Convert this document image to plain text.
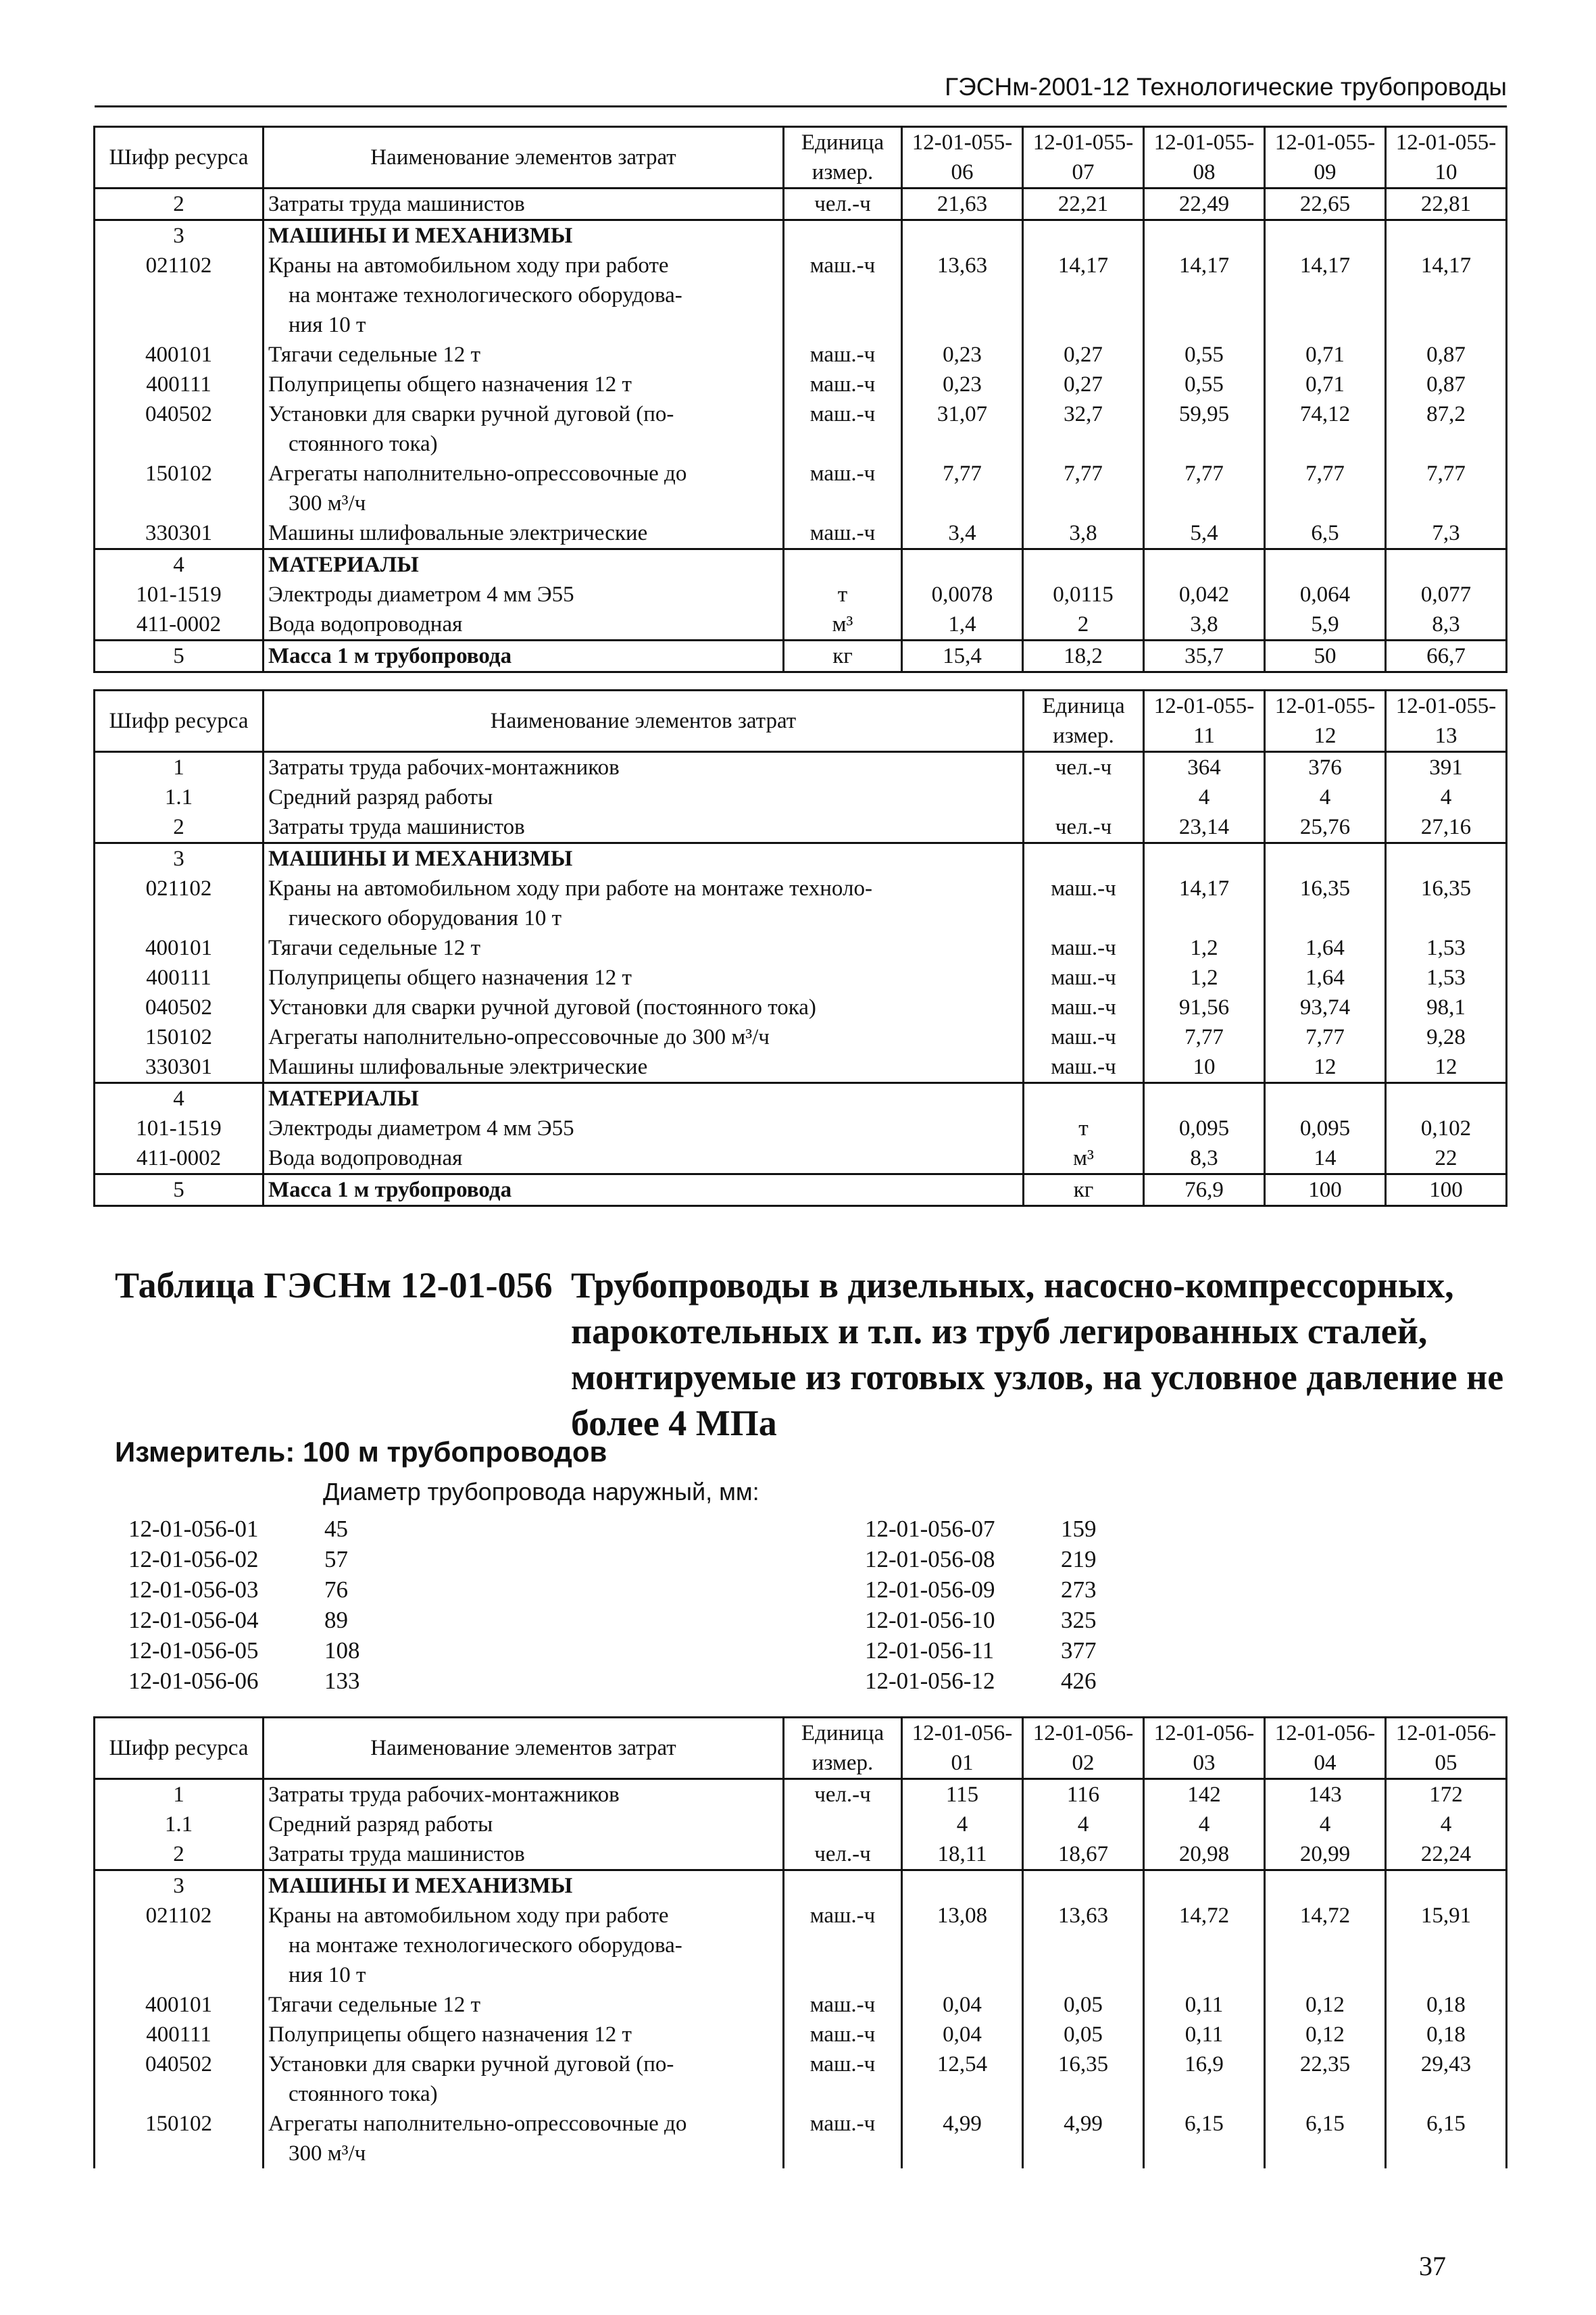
ГЭСНм-2001-12 Технологические трубопроводы
Шифр ресурса	Наименование элементов затрат	Единица измер.	12-01-055-06	12-01-055-07	12-01-055-08	12-01-055-09	12-01-055-10
2	Затраты труда машинистов	чел.-ч	21,63	22,21	22,49	22,65	22,81
3	МАШИНЫ И МЕХАНИЗМЫ						
021102	Краны на автомобильном ходу при работе	маш.-ч	13,63	14,17	14,17	14,17	14,17
	на монтаже технологического оборудова-						
	ния 10 т						
400101	Тягачи седельные 12 т	маш.-ч	0,23	0,27	0,55	0,71	0,87
400111	Полуприцепы общего назначения 12 т	маш.-ч	0,23	0,27	0,55	0,71	0,87
040502	Установки для сварки ручной дуговой (по-	маш.-ч	31,07	32,7	59,95	74,12	87,2
	стоянного тока)						
150102	Агрегаты наполнительно-опрессовочные до	маш.-ч	7,77	7,77	7,77	7,77	7,77
	300 м³/ч						
330301	Машины шлифовальные электрические	маш.-ч	3,4	3,8	5,4	6,5	7,3
4	МАТЕРИАЛЫ						
101-1519	Электроды диаметром 4 мм Э55	т	0,0078	0,0115	0,042	0,064	0,077
411-0002	Вода водопроводная	м³	1,4	2	3,8	5,9	8,3
5	Масса 1 м трубопровода	кг	15,4	18,2	35,7	50	66,7
Шифр ресурса	Наименование элементов затрат	Единица измер.	12-01-055-11	12-01-055-12	12-01-055-13
1	Затраты труда рабочих-монтажников	чел.-ч	364	376	391
1.1	Средний разряд работы		4	4	4
2	Затраты труда машинистов	чел.-ч	23,14	25,76	27,16
3	МАШИНЫ И МЕХАНИЗМЫ				
021102	Краны на автомобильном ходу при работе на монтаже техноло-	маш.-ч	14,17	16,35	16,35
	гического оборудования 10 т				
400101	Тягачи седельные 12 т	маш.-ч	1,2	1,64	1,53
400111	Полуприцепы общего назначения 12 т	маш.-ч	1,2	1,64	1,53
040502	Установки для сварки ручной дуговой (постоянного тока)	маш.-ч	91,56	93,74	98,1
150102	Агрегаты наполнительно-опрессовочные до 300 м³/ч	маш.-ч	7,77	7,77	9,28
330301	Машины шлифовальные электрические	маш.-ч	10	12	12
4	МАТЕРИАЛЫ				
101-1519	Электроды диаметром 4 мм Э55	т	0,095	0,095	0,102
411-0002	Вода водопроводная	м³	8,3	14	22
5	Масса 1 м трубопровода	кг	76,9	100	100
Таблица ГЭСНм 12-01-056 Трубопроводы в дизельных, насосно-компрессорных, парокотельных и т.п. из труб легированных сталей, монтируемые из готовых узлов, на условное давление не более 4 МПа
Измеритель: 100 м трубопроводов
Диаметр трубопровода наружный, мм:
12-01-056-01	45
12-01-056-02	57
12-01-056-03	76
12-01-056-04	89
12-01-056-05	108
12-01-056-06	133
12-01-056-07	159
12-01-056-08	219
12-01-056-09	273
12-01-056-10	325
12-01-056-11	377
12-01-056-12	426
Шифр ресурса	Наименование элементов затрат	Единица измер.	12-01-056-01	12-01-056-02	12-01-056-03	12-01-056-04	12-01-056-05
1	Затраты труда рабочих-монтажников	чел.-ч	115	116	142	143	172
1.1	Средний разряд работы		4	4	4	4	4
2	Затраты труда машинистов	чел.-ч	18,11	18,67	20,98	20,99	22,24
3	МАШИНЫ И МЕХАНИЗМЫ						
021102	Краны на автомобильном ходу при работе	маш.-ч	13,08	13,63	14,72	14,72	15,91
	на монтаже технологического оборудова-						
	ния 10 т						
400101	Тягачи седельные 12 т	маш.-ч	0,04	0,05	0,11	0,12	0,18
400111	Полуприцепы общего назначения 12 т	маш.-ч	0,04	0,05	0,11	0,12	0,18
040502	Установки для сварки ручной дуговой (по-	маш.-ч	12,54	16,35	16,9	22,35	29,43
	стоянного тока)						
150102	Агрегаты наполнительно-опрессовочные до	маш.-ч	4,99	4,99	6,15	6,15	6,15
	300 м³/ч						
37
